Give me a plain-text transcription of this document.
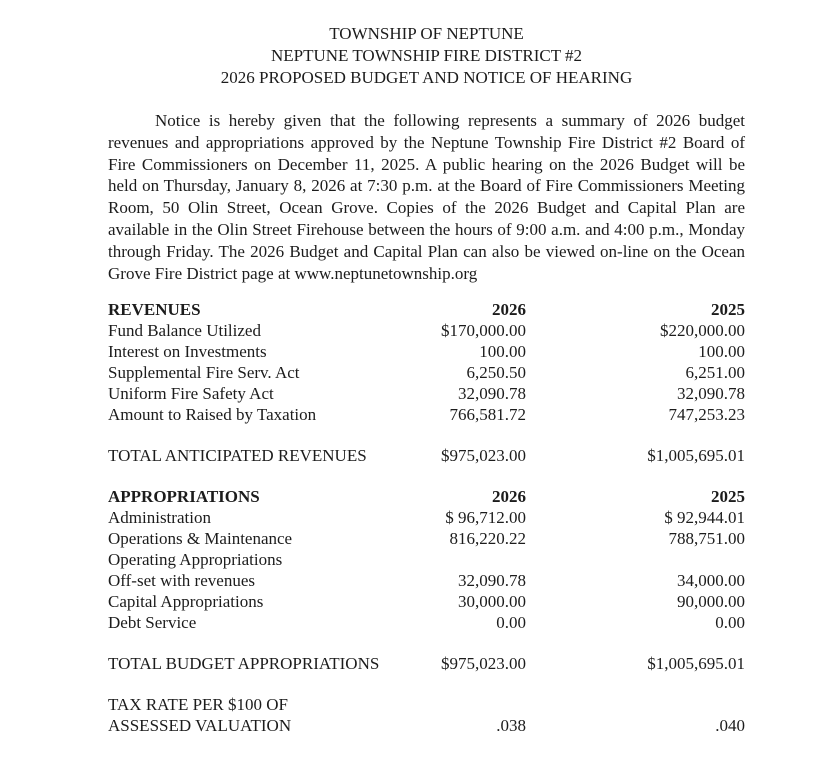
TOWNSHIP OF NEPTUNE
NEPTUNE TOWNSHIP FIRE DISTRICT #2
2026 PROPOSED BUDGET AND NOTICE OF HEARING

Notice is hereby given that the following represents a summary of 2026 budget revenues and appropriations approved by the Neptune Township Fire District #2 Board of Fire Commissioners on December 11, 2025. A public hearing on the 2026 Budget will be held on Thursday, January 8, 2026 at 7:30 p.m. at the Board of Fire Commissioners Meeting Room, 50 Olin Street, Ocean Grove. Copies of the 2026 Budget and Capital Plan are available in the Olin Street Firehouse between the hours of 9:00 a.m. and 4:00 p.m., Monday through Friday. The 2026 Budget and Capital Plan can also be viewed on-line on the Ocean Grove Fire District page at www.neptunetownship.org

REVENUES	2026	2025
Fund Balance Utilized	$170,000.00	$220,000.00
Interest on Investments	100.00	100.00
Supplemental Fire Serv. Act	6,250.50	6,251.00
Uniform Fire Safety Act	32,090.78	32,090.78
Amount to Raised by Taxation	766,581.72	747,253.23

TOTAL ANTICIPATED REVENUES	$975,023.00	$1,005,695.01

APPROPRIATIONS	2026	2025
Administration	$ 96,712.00	$ 92,944.01
Operations & Maintenance	816,220.22	788,751.00
Operating Appropriations		
Off-set with revenues	32,090.78	34,000.00
Capital Appropriations	30,000.00	90,000.00
Debt Service	0.00	0.00

TOTAL BUDGET APPROPRIATIONS	$975,023.00	$1,005,695.01

TAX RATE PER $100 OF		
ASSESSED VALUATION	.038	.040
